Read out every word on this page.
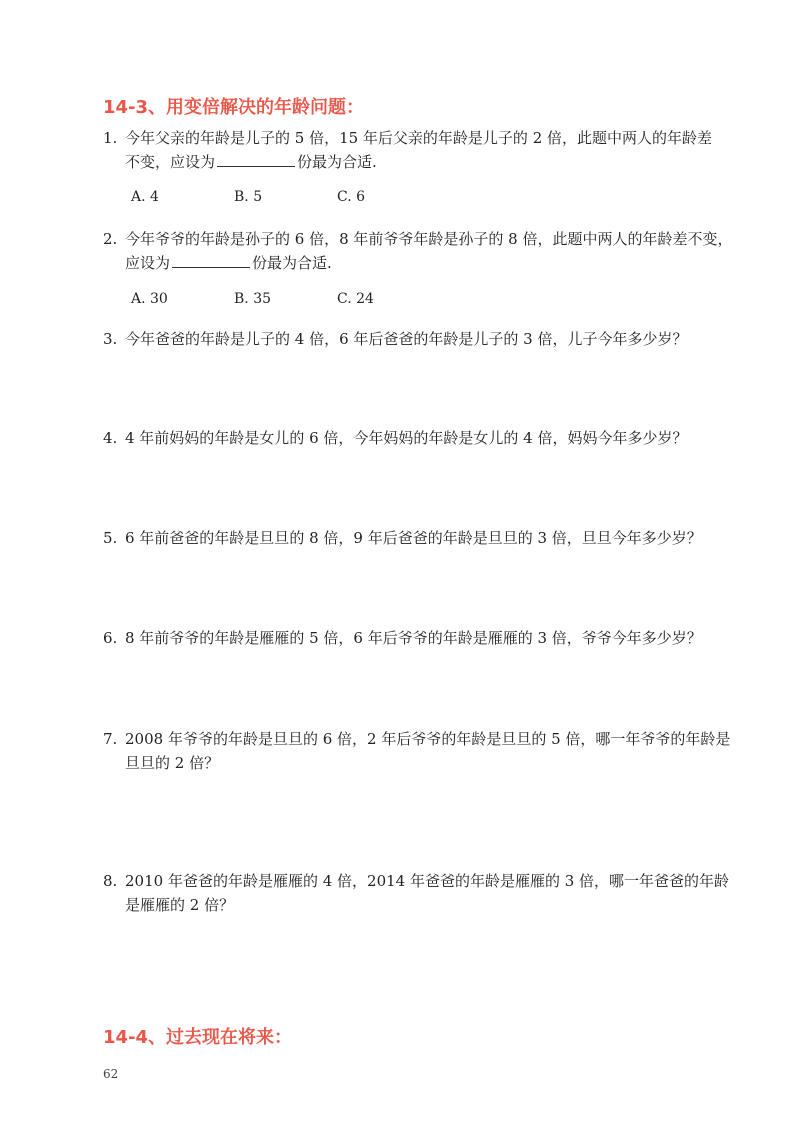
14-3、用变倍解决的年龄问题：
1. 今年父亲的年龄是儿子的 5 倍，15 年后父亲的年龄是儿子的 2 倍，此题中两人的年龄差
不变，应设为	份最为合适.
A. 4	B. 5	C. 6
2. 今年爷爷的年龄是孙子的 6 倍，8 年前爷爷年龄是孙子的 8 倍，此题中两人的年龄差不变，
应设为	份最为合适.
A. 30	B. 35	C. 24
3. 今年爸爸的年龄是儿子的 4 倍，6 年后爸爸的年龄是儿子的 3 倍，儿子今年多少岁？
4. 4 年前妈妈的年龄是女儿的 6 倍，今年妈妈的年龄是女儿的 4 倍，妈妈今年多少岁？
5. 6 年前爸爸的年龄是旦旦的 8 倍，9 年后爸爸的年龄是旦旦的 3 倍，旦旦今年多少岁？
6. 8 年前爷爷的年龄是雁雁的 5 倍，6 年后爷爷的年龄是雁雁的 3 倍，爷爷今年多少岁？
7. 2008 年爷爷的年龄是旦旦的 6 倍，2 年后爷爷的年龄是旦旦的 5 倍，哪一年爷爷的年龄是
旦旦的 2 倍？
8. 2010 年爸爸的年龄是雁雁的 4 倍，2014 年爸爸的年龄是雁雁的 3 倍，哪一年爸爸的年龄
是雁雁的 2 倍？
14-4、过去现在将来：
62
